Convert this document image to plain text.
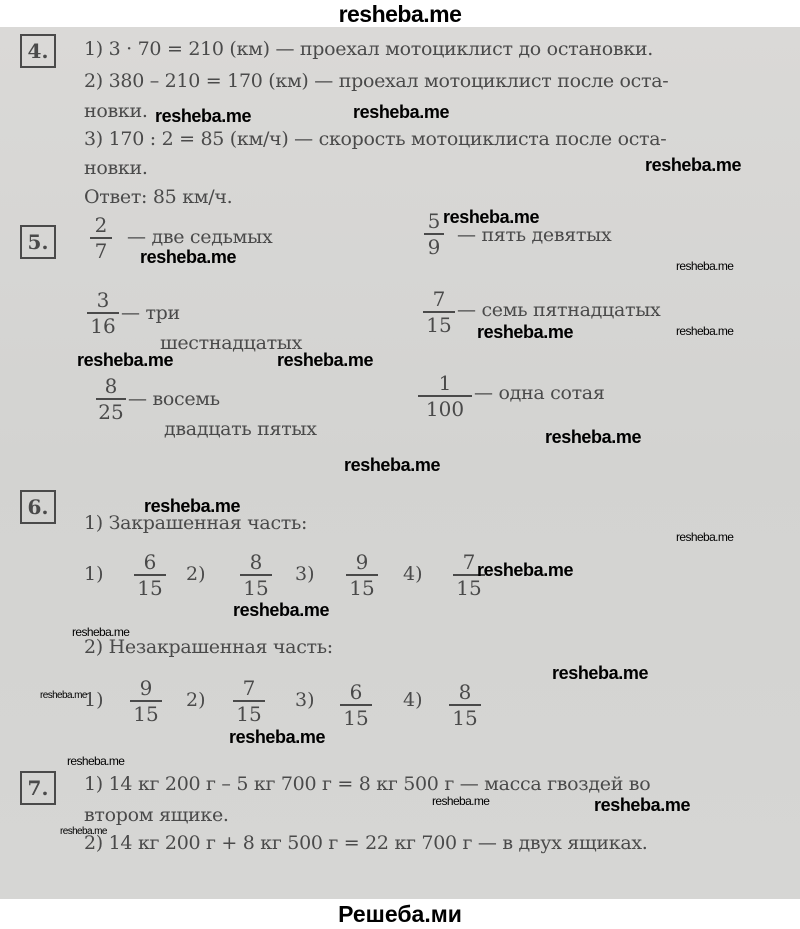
resheba.me
4.	1) 3 · 70 = 210 (км) — проехал мотоциклист до остановки.
2) 380 – 210 = 170 (км) — проехал мотоциклист после оста-
новки.
3) 170 : 2 = 85 (км/ч) — скорость мотоциклиста после оста-
новки.
Ответ: 85 км/ч.
5.
2
7
— две седьмых
5
9 — пять девятых
3
16
— три
шестнадцатых
7
15
— семь пятнадцатых
8
25
— восемь
двадцать пятых
1
100
— одна сотая
6.
1) Закрашенная часть:
1)	6
15
2)	8
15
3)	9
15
4)	7
15
2) Незакрашенная часть:
1)	9
15
2)	7
15
3)	6
15
4)	8
15
7.	1) 14 кг 200 г – 5 кг 700 г = 8 кг 500 г — масса гвоздей во
втором ящике.
2) 14 кг 200 г + 8 кг 500 г = 22 кг 700 г — в двух ящиках.
resheba.me	resheba.me
resheba.me
resheba.me
resheba.me	resheba.me
resheba.me	resheba.me
resheba.me	resheba.me
resheba.me
resheba.me
resheba.me
resheba.me
resheba.me
resheba.me
resheba.me
resheba.me
resheba.me
resheba.me
resheba.me
resheba.me	resheba.me
resheba.me
Решеба.ми
